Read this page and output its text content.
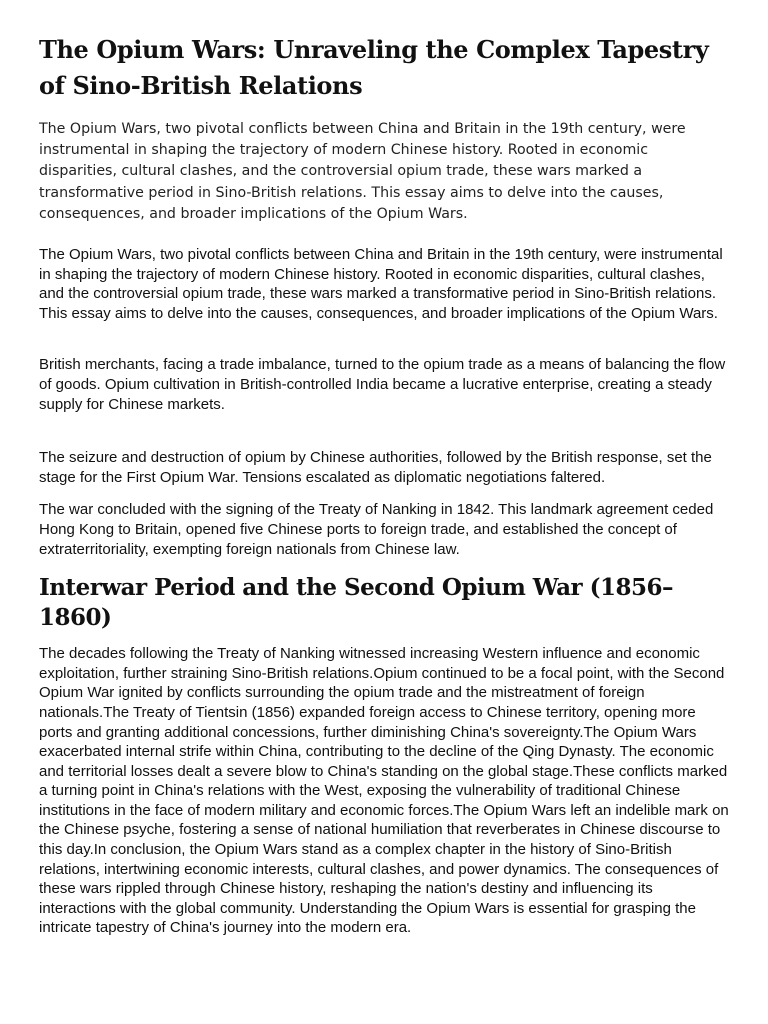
The Opium Wars: Unraveling the Complex Tapestry of Sino-British Relations

The Opium Wars, two pivotal conflicts between China and Britain in the 19th century, were instrumental in shaping the trajectory of modern Chinese history. Rooted in economic disparities, cultural clashes, and the controversial opium trade, these wars marked a transformative period in Sino-British relations. This essay aims to delve into the causes, consequences, and broader implications of the Opium Wars.

The Opium Wars, two pivotal conflicts between China and Britain in the 19th century, were instrumental in shaping the trajectory of modern Chinese history. Rooted in economic disparities, cultural clashes, and the controversial opium trade, these wars marked a transformative period in Sino-British relations. This essay aims to delve into the causes, consequences, and broader implications of the Opium Wars.

British merchants, facing a trade imbalance, turned to the opium trade as a means of balancing the flow of goods. Opium cultivation in British-controlled India became a lucrative enterprise, creating a steady supply for Chinese markets.

The seizure and destruction of opium by Chinese authorities, followed by the British response, set the stage for the First Opium War. Tensions escalated as diplomatic negotiations faltered.

The war concluded with the signing of the Treaty of Nanking in 1842. This landmark agreement ceded Hong Kong to Britain, opened five Chinese ports to foreign trade, and established the concept of extraterritoriality, exempting foreign nationals from Chinese law.

Interwar Period and the Second Opium War (1856–1860)

The decades following the Treaty of Nanking witnessed increasing Western influence and economic exploitation, further straining Sino-British relations.Opium continued to be a focal point, with the Second Opium War ignited by conflicts surrounding the opium trade and the mistreatment of foreign nationals.The Treaty of Tientsin (1856) expanded foreign access to Chinese territory, opening more ports and granting additional concessions, further diminishing China's sovereignty.The Opium Wars exacerbated internal strife within China, contributing to the decline of the Qing Dynasty. The economic and territorial losses dealt a severe blow to China's standing on the global stage.These conflicts marked a turning point in China's relations with the West, exposing the vulnerability of traditional Chinese institutions in the face of modern military and economic forces.The Opium Wars left an indelible mark on the Chinese psyche, fostering a sense of national humiliation that reverberates in Chinese discourse to this day.In conclusion, the Opium Wars stand as a complex chapter in the history of Sino-British relations, intertwining economic interests, cultural clashes, and power dynamics. The consequences of these wars rippled through Chinese history, reshaping the nation's destiny and influencing its interactions with the global community. Understanding the Opium Wars is essential for grasping the intricate tapestry of China's journey into the modern era.
